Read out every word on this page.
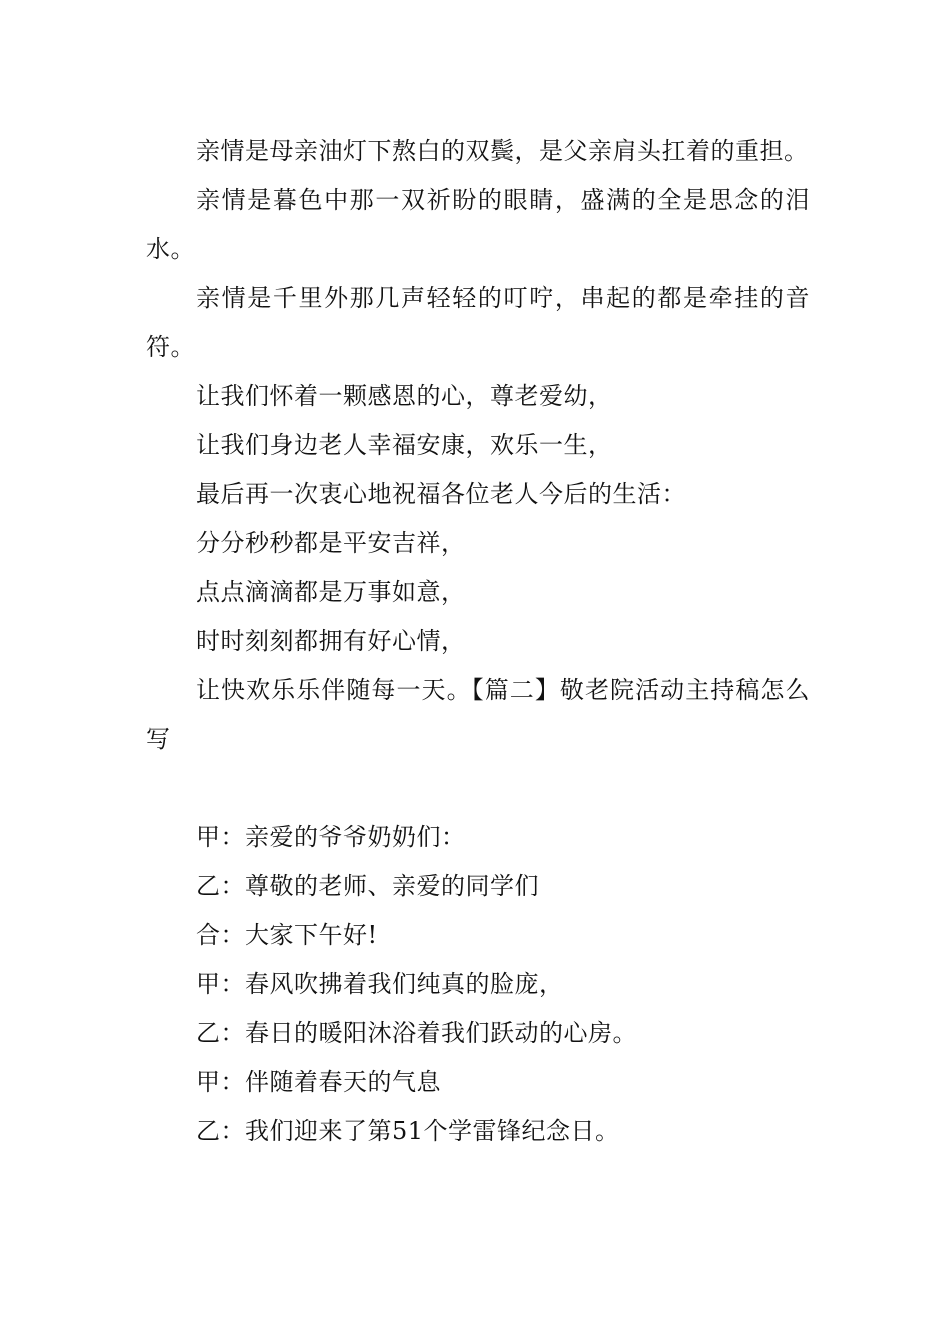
亲情是母亲油灯下熬白的双鬓，是父亲肩头扛着的重担。

亲情是暮色中那一双祈盼的眼睛，盛满的全是思念的泪水。

亲情是千里外那几声轻轻的叮咛，串起的都是牵挂的音符。

让我们怀着一颗感恩的心，尊老爱幼，

让我们身边老人幸福安康，欢乐一生，

最后再一次衷心地祝福各位老人今后的生活：

分分秒秒都是平安吉祥，

点点滴滴都是万事如意，

时时刻刻都拥有好心情，

让快欢乐乐伴随每一天。【篇二】敬老院活动主持稿怎么写

甲：亲爱的爷爷奶奶们：

乙：尊敬的老师、亲爱的同学们

合：大家下午好!

甲：春风吹拂着我们纯真的脸庞，

乙：春日的暖阳沐浴着我们跃动的心房。

甲：伴随着春天的气息

乙：我们迎来了第51个学雷锋纪念日。
